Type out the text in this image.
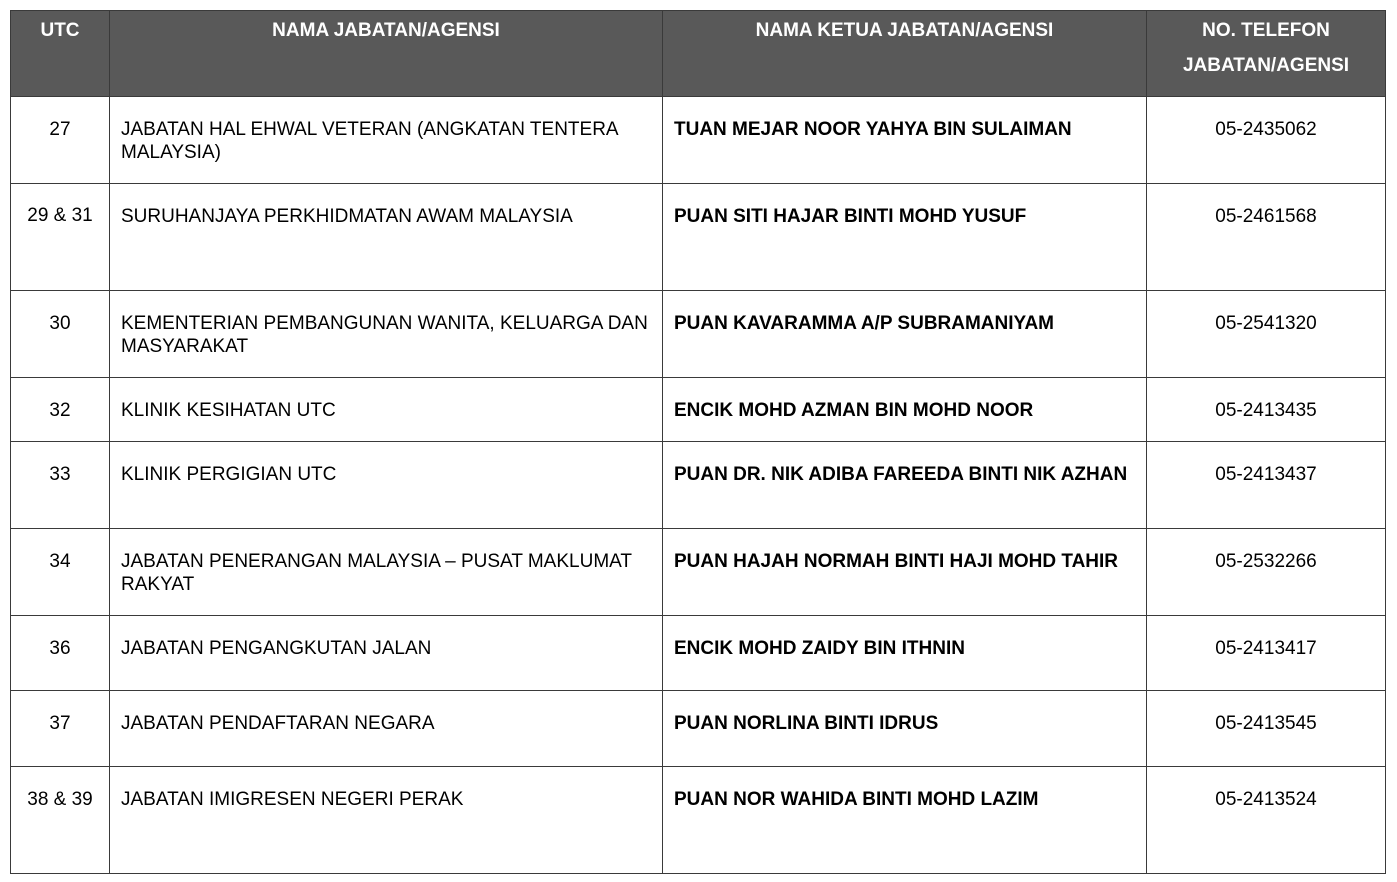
UTC	NAMA JABATAN/AGENSI	NAMA KETUA JABATAN/AGENSI	NO. TELEFON JABATAN/AGENSI
27	JABATAN HAL EHWAL VETERAN (ANGKATAN TENTERA MALAYSIA)	TUAN MEJAR NOOR YAHYA BIN SULAIMAN	05-2435062
29 & 31	SURUHANJAYA PERKHIDMATAN AWAM MALAYSIA	PUAN SITI HAJAR BINTI MOHD YUSUF	05-2461568
30	KEMENTERIAN PEMBANGUNAN WANITA, KELUARGA DAN MASYARAKAT	PUAN KAVARAMMA A/P SUBRAMANIYAM	05-2541320
32	KLINIK KESIHATAN UTC	ENCIK MOHD AZMAN BIN MOHD NOOR	05-2413435
33	KLINIK PERGIGIAN UTC	PUAN DR. NIK ADIBA FAREEDA BINTI NIK AZHAN	05-2413437
34	JABATAN PENERANGAN MALAYSIA – PUSAT MAKLUMAT RAKYAT	PUAN HAJAH NORMAH BINTI HAJI MOHD TAHIR	05-2532266
36	JABATAN PENGANGKUTAN JALAN	ENCIK MOHD ZAIDY BIN ITHNIN	05-2413417
37	JABATAN PENDAFTARAN NEGARA	PUAN NORLINA BINTI IDRUS	05-2413545
38 & 39	JABATAN IMIGRESEN NEGERI PERAK	PUAN NOR WAHIDA BINTI MOHD LAZIM	05-2413524
